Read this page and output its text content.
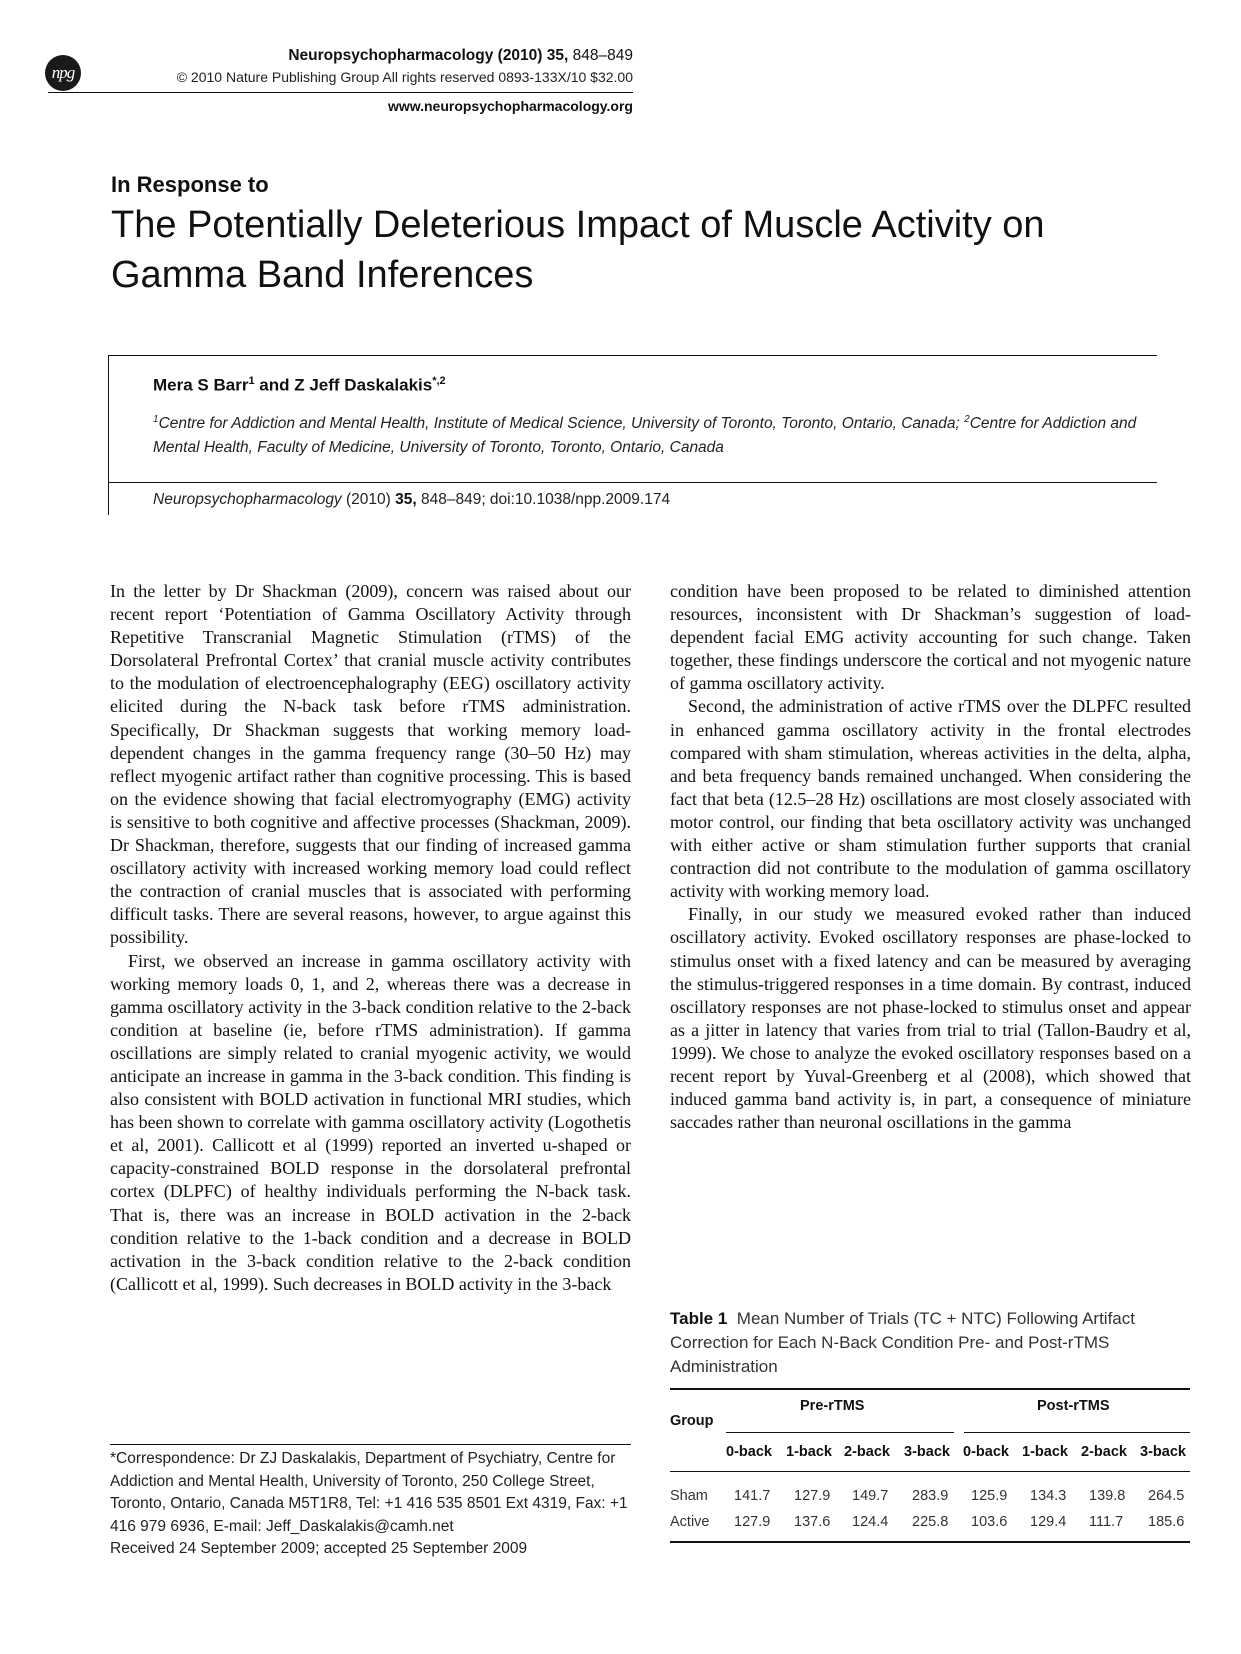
npg
Neuropsychopharmacology (2010) 35, 848–849
© 2010 Nature Publishing Group All rights reserved 0893-133X/10 $32.00
www.neuropsychopharmacology.org
In Response to
The Potentially Deleterious Impact of Muscle Activity on Gamma Band Inferences
Mera S Barr$^1$ and Z Jeff Daskalakis$^{*,2}$
$^1$Centre for Addiction and Mental Health, Institute of Medical Science, University of Toronto, Toronto, Ontario, Canada; $^2$Centre for Addiction and Mental Health, Faculty of Medicine, University of Toronto, Toronto, Ontario, Canada
Neuropsychopharmacology (2010) 35, 848–849; doi:10.1038/npp.2009.174

In the letter by Dr Shackman (2009), concern was raised about our recent report ‘Potentiation of Gamma Oscillatory Activity through Repetitive Transcranial Magnetic Stimulation (rTMS) of the Dorsolateral Prefrontal Cortex’ that cranial muscle activity contributes to the modulation of electroencephalography (EEG) oscillatory activity elicited during the N-back task before rTMS administration. Specifically, Dr Shackman suggests that working memory load-dependent changes in the gamma frequency range (30–50 Hz) may reflect myogenic artifact rather than cognitive processing. This is based on the evidence showing that facial electromyography (EMG) activity is sensitive to both cognitive and affective processes (Shackman, 2009). Dr Shackman, therefore, suggests that our finding of increased gamma oscillatory activity with increased working memory load could reflect the contraction of cranial muscles that is associated with performing difficult tasks. There are several reasons, however, to argue against this possibility.

First, we observed an increase in gamma oscillatory activity with working memory loads 0, 1, and 2, whereas there was a decrease in gamma oscillatory activity in the 3-back condition relative to the 2-back condition at baseline (ie, before rTMS administration). If gamma oscillations are simply related to cranial myogenic activity, we would anticipate an increase in gamma in the 3-back condition. This finding is also consistent with BOLD activation in functional MRI studies, which has been shown to correlate with gamma oscillatory activity (Logothetis et al, 2001). Callicott et al (1999) reported an inverted u-shaped or capacity-constrained BOLD response in the dorsolateral prefrontal cortex (DLPFC) of healthy individuals performing the N-back task. That is, there was an increase in BOLD activation in the 2-back condition relative to the 1-back condition and a decrease in BOLD activation in the 3-back condition relative to the 2-back condition (Callicott et al, 1999). Such decreases in BOLD activity in the 3-back

condition have been proposed to be related to diminished attention resources, inconsistent with Dr Shackman’s suggestion of load-dependent facial EMG activity accounting for such change. Taken together, these findings underscore the cortical and not myogenic nature of gamma oscillatory activity.

Second, the administration of active rTMS over the DLPFC resulted in enhanced gamma oscillatory activity in the frontal electrodes compared with sham stimulation, whereas activities in the delta, alpha, and beta frequency bands remained unchanged. When considering the fact that beta (12.5–28 Hz) oscillations are most closely associated with motor control, our finding that beta oscillatory activity was unchanged with either active or sham stimulation further supports that cranial contraction did not contribute to the modulation of gamma oscillatory activity with working memory load.

Finally, in our study we measured evoked rather than induced oscillatory activity. Evoked oscillatory responses are phase-locked to stimulus onset with a fixed latency and can be measured by averaging the stimulus-triggered responses in a time domain. By contrast, induced oscillatory responses are not phase-locked to stimulus onset and appear as a jitter in latency that varies from trial to trial (Tallon-Baudry et al, 1999). We chose to analyze the evoked oscillatory responses based on a recent report by Yuval-Greenberg et al (2008), which showed that induced gamma band activity is, in part, a consequence of miniature saccades rather than neuronal oscillations in the gamma

*Correspondence: Dr ZJ Daskalakis, Department of Psychiatry, Centre for Addiction and Mental Health, University of Toronto, 250 College Street, Toronto, Ontario, Canada M5T1R8, Tel: +1 416 535 8501 Ext 4319, Fax: +1 416 979 6936, E-mail: Jeff_Daskalakis@camh.net
Received 24 September 2009; accepted 25 September 2009
Table 1 Mean Number of Trials (TC + NTC) Following Artifact Correction for Each N-Back Condition Pre- and Post-rTMS Administration
Group
Pre-rTMS	Post-rTMS
0-back 1-back 2-back 3-back 0-back 1-back 2-back 3-back
Sham 141.7 127.9 149.7 283.9 125.9 134.3 139.8 264.5
Active 127.9 137.6 124.4 225.8 103.6 129.4 111.7 185.6
